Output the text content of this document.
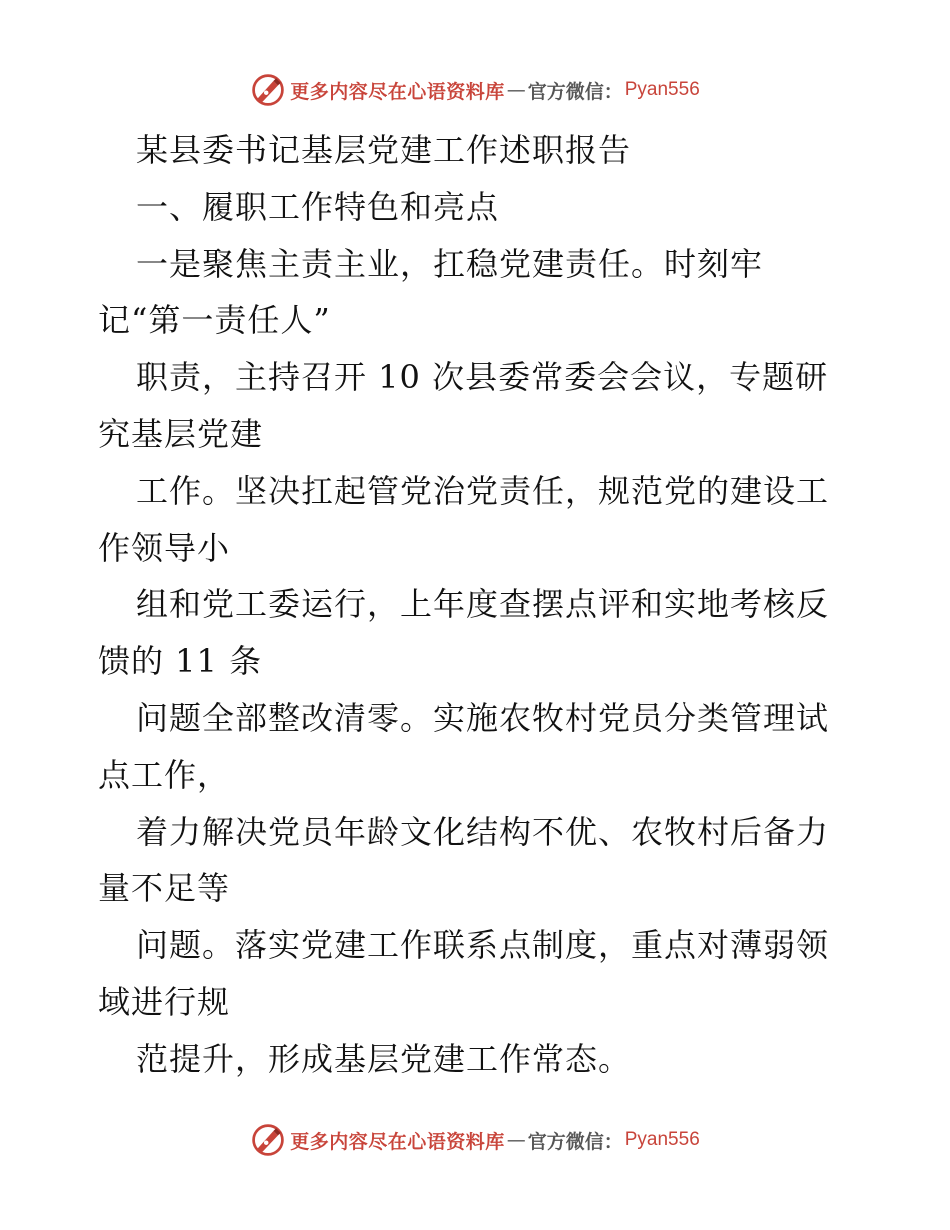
更多内容尽在心语资料库 — 官方微信： Pyan556
某县委书记基层党建工作述职报告
一、履职工作特色和亮点
一是聚焦主责主业，扛稳党建责任。时刻牢
记“第一责任人”
职责，主持召开 10 次县委常委会会议，专题研
究基层党建
工作。坚决扛起管党治党责任，规范党的建设工
作领导小
组和党工委运行，上年度查摆点评和实地考核反
馈的 11 条
问题全部整改清零。实施农牧村党员分类管理试
点工作，
着力解决党员年龄文化结构不优、农牧村后备力
量不足等
问题。落实党建工作联系点制度，重点对薄弱领
域进行规
范提升，形成基层党建工作常态。
更多内容尽在心语资料库 — 官方微信： Pyan556
